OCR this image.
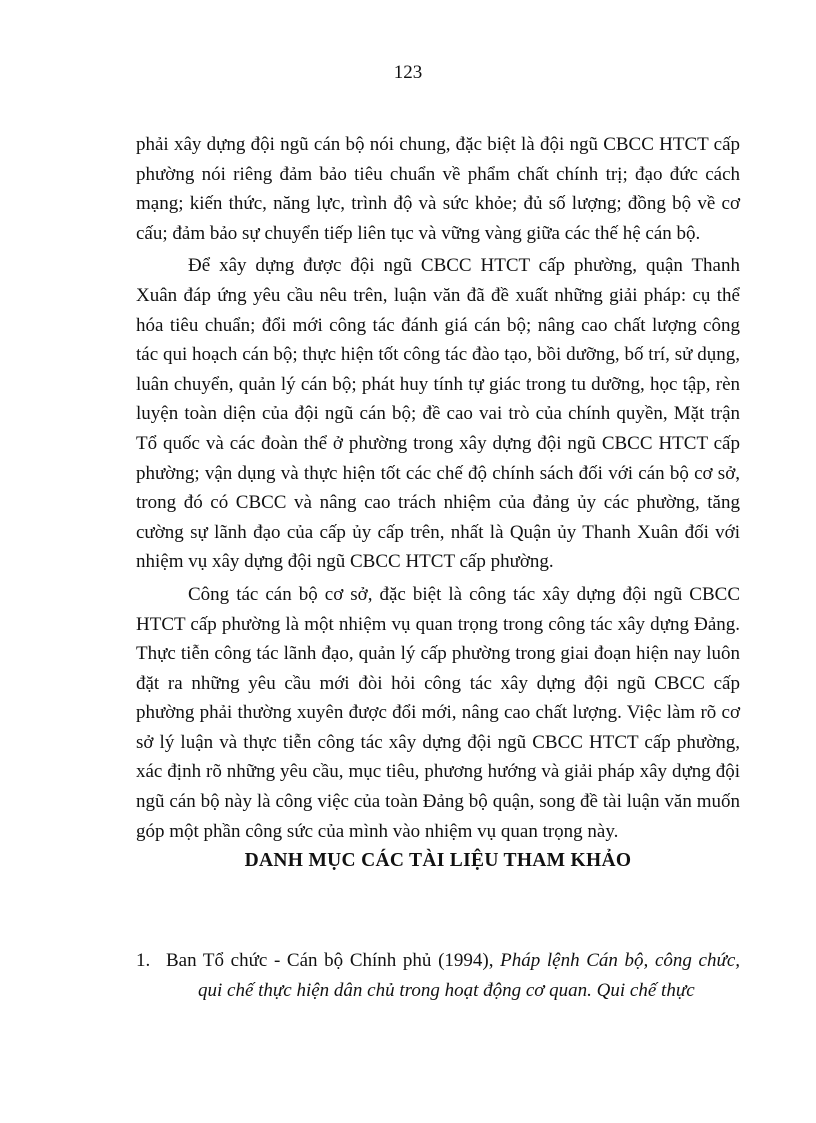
123

phải xây dựng đội ngũ cán bộ nói chung, đặc biệt là đội ngũ CBCC HTCT cấp phường nói riêng đảm bảo tiêu chuẩn về phẩm chất chính trị; đạo đức cách mạng; kiến thức, năng lực, trình độ và sức khỏe; đủ số lượng; đồng bộ về cơ cấu; đảm bảo sự chuyển tiếp liên tục và vững vàng giữa các thế hệ cán bộ.

Để xây dựng được đội ngũ CBCC HTCT cấp phường, quận Thanh Xuân đáp ứng yêu cầu nêu trên, luận văn đã đề xuất những giải pháp: cụ thể hóa tiêu chuẩn; đổi mới công tác đánh giá cán bộ; nâng cao chất lượng công tác qui hoạch cán bộ; thực hiện tốt công tác đào tạo, bồi dưỡng, bố trí, sử dụng, luân chuyển, quản lý cán bộ; phát huy tính tự giác trong tu dưỡng, học tập, rèn luyện toàn diện của đội ngũ cán bộ; đề cao vai trò của chính quyền, Mặt trận Tổ quốc và các đoàn thể ở phường trong xây dựng đội ngũ CBCC HTCT cấp phường; vận dụng và thực hiện tốt các chế độ chính sách đối với cán bộ cơ sở, trong đó có CBCC và nâng cao trách nhiệm của đảng ủy các phường, tăng cường sự lãnh đạo của cấp ủy cấp trên, nhất là Quận ủy Thanh Xuân đối với nhiệm vụ xây dựng đội ngũ CBCC HTCT cấp phường.

Công tác cán bộ cơ sở, đặc biệt là công tác xây dựng đội ngũ CBCC HTCT cấp phường là một nhiệm vụ quan trọng trong công tác xây dựng Đảng. Thực tiễn công tác lãnh đạo, quản lý cấp phường trong giai đoạn hiện nay luôn đặt ra những yêu cầu mới đòi hỏi công tác xây dựng đội ngũ CBCC cấp phường phải thường xuyên được đổi mới, nâng cao chất lượng. Việc làm rõ cơ sở lý luận và thực tiễn công tác xây dựng đội ngũ CBCC HTCT cấp phường, xác định rõ những yêu cầu, mục tiêu, phương hướng và giải pháp xây dựng đội ngũ cán bộ này là công việc của toàn Đảng bộ quận, song đề tài luận văn muốn góp một phần công sức của mình vào nhiệm vụ quan trọng này.

DANH MỤC CÁC TÀI LIỆU THAM KHẢO
1. Ban Tổ chức - Cán bộ Chính phủ (1994), Pháp lệnh Cán bộ, công chức, qui chế thực hiện dân chủ trong hoạt động cơ quan. Qui chế thực
